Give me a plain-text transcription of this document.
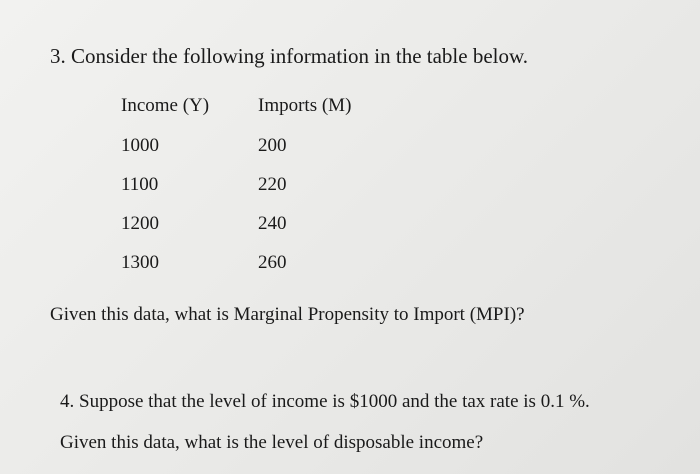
3. Consider the following information in the table below.
Income (Y)	Imports (M)
1000	200
1100	220
1200	240
1300	260
Given this data, what is Marginal Propensity to Import (MPI)?
4. Suppose that the level of income is $1000 and the tax rate is 0.1 %.
Given this data, what is the level of disposable income?
